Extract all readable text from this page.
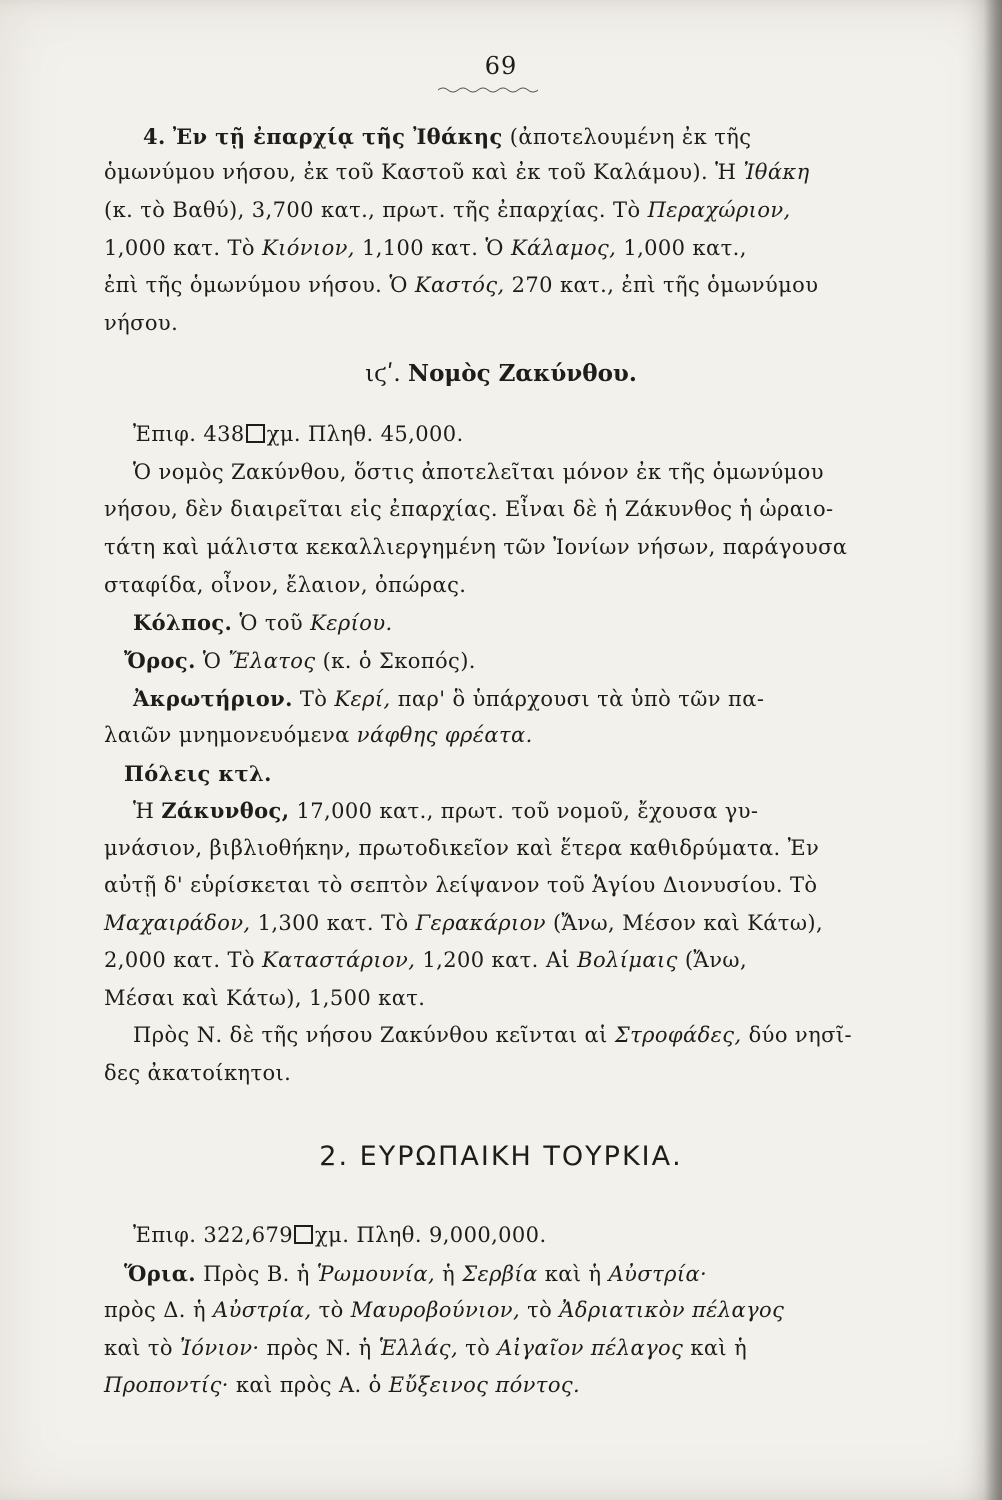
69
4. Ἐν τῇ ἐπαρχίᾳ τῆς Ἰθάκης (ἀποτελουμένη ἐκ τῆς
ὁμωνύμου νήσου, ἐκ τοῦ Καστοῦ καὶ ἐκ τοῦ Καλάμου). Ἡ Ἰθάκη
(κ. τὸ Βαθύ), 3,700 κατ., πρωτ. τῆς ἐπαρχίας. Τὸ Περαχώριον,
1,000 κατ. Τὸ Κιόνιον, 1,100 κατ. Ὁ Κάλαμος, 1,000 κατ.,
ἐπὶ τῆς ὁμωνύμου νήσου. Ὁ Καστός, 270 κατ., ἐπὶ τῆς ὁμωνύμου
νήσου.
ιϛʹ. Νομὸς Ζακύνθου.
Ἐπιφ. 438 χμ. Πληθ. 45,000.
Ὁ νομὸς Ζακύνθου, ὅστις ἀποτελεῖται μόνον ἐκ τῆς ὁμωνύμου
νήσου, δὲν διαιρεῖται εἰς ἐπαρχίας. Εἶναι δὲ ἡ Ζάκυνθος ἡ ὡραιο-
τάτη καὶ μάλιστα κεκαλλιεργημένη τῶν Ἰονίων νήσων, παράγουσα
σταφίδα, οἶνον, ἔλαιον, ὀπώρας.
Κόλπος. Ὁ τοῦ Κερίου.
Ὄρος. Ὁ Ἔλατος (κ. ὁ Σκοπός).
Ἀκρωτήριον. Τὸ Κερί, παρ' ὃ ὑπάρχουσι τὰ ὑπὸ τῶν πα-
λαιῶν μνημονευόμενα νάφθης φρέατα.
Πόλεις κτλ.
Ἡ Ζάκυνθος, 17,000 κατ., πρωτ. τοῦ νομοῦ, ἔχουσα γυ-
μνάσιον, βιβλιοθήκην, πρωτοδικεῖον καὶ ἕτερα καθιδρύματα. Ἐν
αὐτῇ δ' εὑρίσκεται τὸ σεπτὸν λείψανον τοῦ Ἁγίου Διονυσίου. Τὸ
Μαχαιράδον, 1,300 κατ. Τὸ Γερακάριον (Ἄνω, Μέσον καὶ Κάτω),
2,000 κατ. Τὸ Καταστάριον, 1,200 κατ. Αἱ Βολίμαις (Ἄνω,
Μέσαι καὶ Κάτω), 1,500 κατ.
Πρὸς Ν. δὲ τῆς νήσου Ζακύνθου κεῖνται αἱ Στροφάδες, δύο νησῖ-
δες ἀκατοίκητοι.
2. ΕΥΡΩΠΑΙΚΗ ΤΟΥΡΚΙΑ.
Ἐπιφ. 322,679 χμ. Πληθ. 9,000,000.
Ὅρια. Πρὸς Β. ἡ Ῥωμουνία, ἡ Σερβία καὶ ἡ Αὐστρία·
πρὸς Δ. ἡ Αὐστρία, τὸ Μαυροβούνιον, τὸ Ἀδριατικὸν πέλαγος
καὶ τὸ Ἰόνιον· πρὸς Ν. ἡ Ἑλλάς, τὸ Αἰγαῖον πέλαγος καὶ ἡ
Προποντίς· καὶ πρὸς Α. ὁ Εὔξεινος πόντος.
